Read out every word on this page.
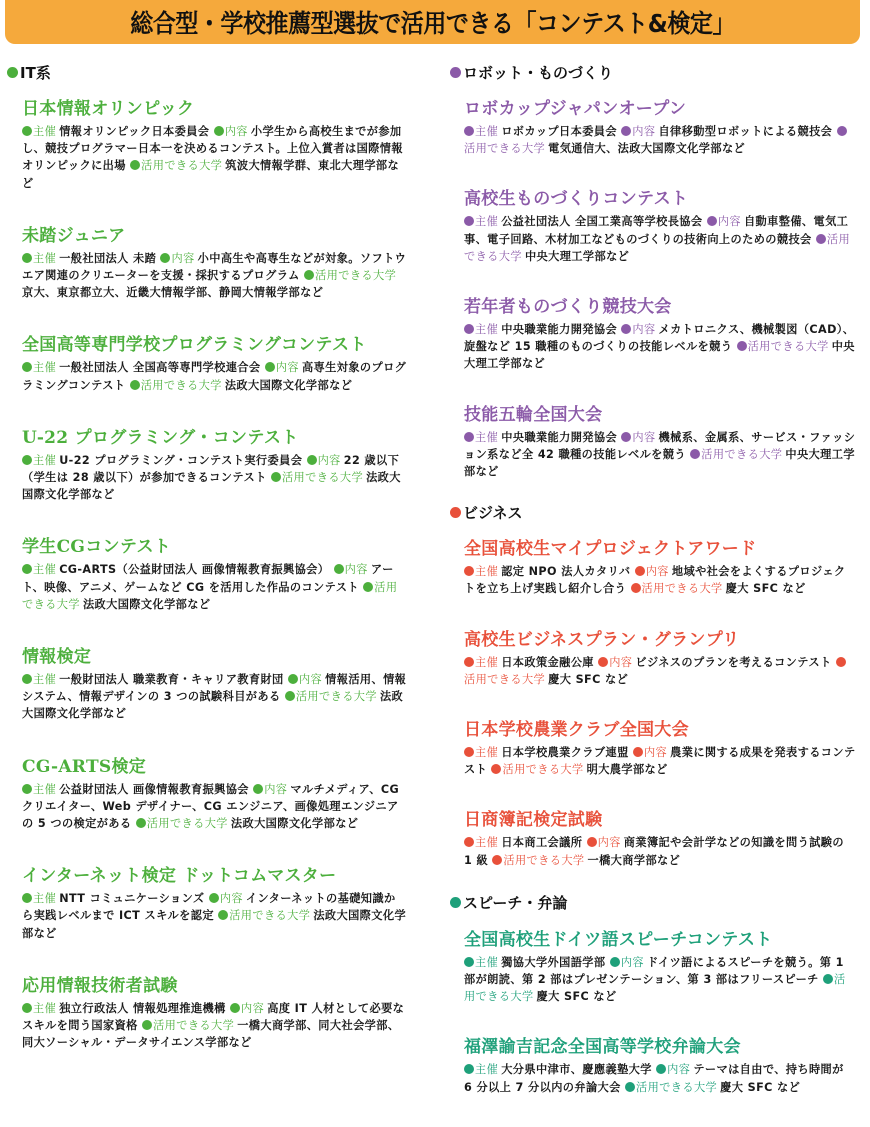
総合型・学校推薦型選抜で活用できる「コンテスト&検定」
IT系
日本情報オリンピック

主催 情報オリンピック日本委員会 内容 小学生から高校生までが参加し、競技プログラマー日本一を決めるコンテスト。上位入賞者は国際情報オリンピックに出場 活用できる大学 筑波大情報学群、東北大理学部など

未踏ジュニア

主催 一般社団法人 未踏 内容 小中高生や高専生などが対象。ソフトウエア関連のクリエーターを支援・採択するプログラム 活用できる大学京大、東京都立大、近畿大情報学部、静岡大情報学部など

全国高等専門学校プログラミングコンテスト

主催 一般社団法人 全国高等専門学校連合会 内容 高専生対象のプログラミングコンテスト 活用できる大学 法政大国際文化学部など

U-22 プログラミング・コンテスト

主催 U-22 プログラミング・コンテスト実行委員会 内容 22 歳以下（学生は 28 歳以下）が参加できるコンテスト 活用できる大学 法政大国際文化学部など

学生CGコンテスト

主催 CG-ARTS（公益財団法人 画像情報教育振興協会） 内容 アート、映像、アニメ、ゲームなど CG を活用した作品のコンテスト 活用できる大学 法政大国際文化学部など

情報検定

主催 一般財団法人 職業教育・キャリア教育財団 内容 情報活用、情報システム、情報デザインの 3 つの試験科目がある 活用できる大学 法政大国際文化学部など

CG-ARTS検定

主催 公益財団法人 画像情報教育振興協会 内容 マルチメディア、CG クリエイター、Web デザイナー、CG エンジニア、画像処理エンジニアの 5 つの検定がある 活用できる大学 法政大国際文化学部など

インターネット検定 ドットコムマスター

主催 NTT コミュニケーションズ 内容 インターネットの基礎知識から実践レベルまで ICT スキルを認定 活用できる大学 法政大国際文化学部など

応用情報技術者試験

主催 独立行政法人 情報処理推進機構 内容 高度 IT 人材として必要なスキルを問う国家資格 活用できる大学 一橋大商学部、同大社会学部、同大ソーシャル・データサイエンス学部など

ロボット・ものづくり
ロボカップジャパンオープン

主催 ロボカップ日本委員会 内容 自律移動型ロボットによる競技会 活用できる大学 電気通信大、法政大国際文化学部など

高校生ものづくりコンテスト

主催 公益社団法人 全国工業高等学校長協会 内容 自動車整備、電気工事、電子回路、木材加工などものづくりの技術向上のための競技会 活用できる大学 中央大理工学部など

若年者ものづくり競技大会

主催 中央職業能力開発協会 内容 メカトロニクス、機械製図（CAD）、旋盤など 15 職種のものづくりの技能レベルを競う 活用できる大学 中央大理工学部など

技能五輪全国大会

主催 中央職業能力開発協会 内容 機械系、金属系、サービス・ファッション系など全 42 職種の技能レベルを競う 活用できる大学 中央大理工学部など

ビジネス
全国高校生マイプロジェクトアワード

主催 認定 NPO 法人カタリバ 内容 地域や社会をよくするプロジェクトを立ち上げ実践し紹介し合う 活用できる大学 慶大 SFC など

高校生ビジネスプラン・グランプリ

主催 日本政策金融公庫 内容 ビジネスのプランを考えるコンテスト 活用できる大学 慶大 SFC など

日本学校農業クラブ全国大会

主催 日本学校農業クラブ連盟 内容 農業に関する成果を発表するコンテスト 活用できる大学 明大農学部など

日商簿記検定試験

主催 日本商工会議所 内容 商業簿記や会計学などの知識を問う試験の 1 級 活用できる大学 一橋大商学部など

スピーチ・弁論
全国高校生ドイツ語スピーチコンテスト

主催 獨協大学外国語学部 内容 ドイツ語によるスピーチを競う。第 1 部が朗読、第 2 部はプレゼンテーション、第 3 部はフリースピーチ 活用できる大学 慶大 SFC など

福澤諭吉記念全国高等学校弁論大会

主催 大分県中津市、慶應義塾大学 内容 テーマは自由で、持ち時間が 6 分以上 7 分以内の弁論大会 活用できる大学 慶大 SFC など
